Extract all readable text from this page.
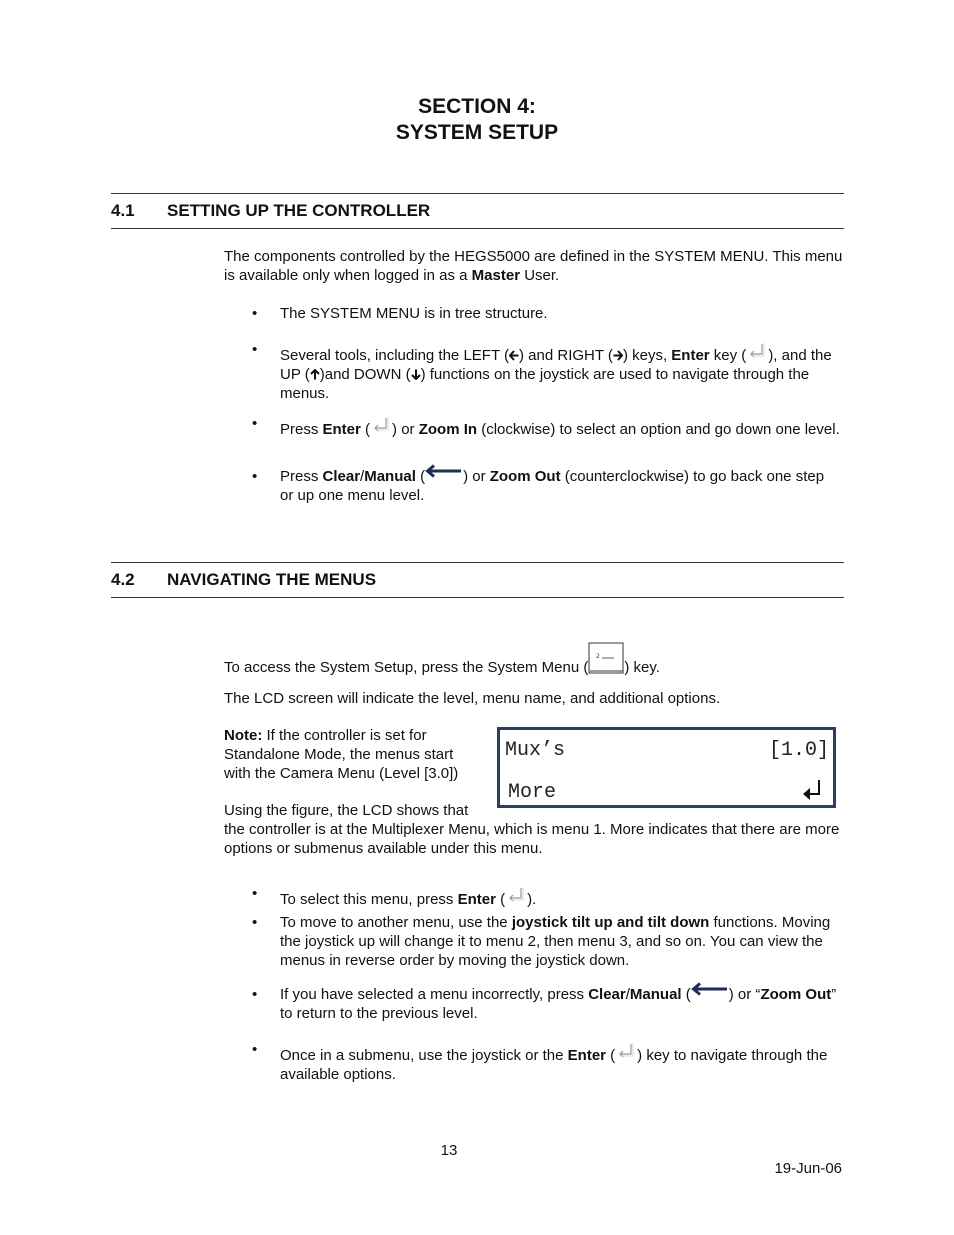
SECTION 4:
SYSTEM SETUP
4.1 SETTING UP THE CONTROLLER
The components controlled by the HEGS5000 are defined in the SYSTEM MENU. This menu is available only when logged in as a Master User.
• The SYSTEM MENU is in tree structure.
• Several tools, including the LEFT ( ) and RIGHT ( ) keys, Enter key ( ), and the UP ( )and DOWN ( ) functions on the joystick are used to navigate through the menus.
• Press Enter ( ) or Zoom In (clockwise) to select an option and go down one level.
• Press Clear/Manual (	) or Zoom Out (counterclockwise) to go back one step or up one menu level.
4.2 NAVIGATING THE MENUS
To access the System Setup, press the System Menu (
2
) key.
The LCD screen will indicate the level, menu name, and additional options.
Note: If the controller is set for Standalone Mode, the menus start with the Camera Menu (Level [3.0])
Mux’s	[1.0]
More
Using the figure, the LCD shows that
the controller is at the Multiplexer Menu, which is menu 1. More indicates that there are more options or submenus available under this menu.
• To select this menu, press Enter ( ).
• To move to another menu, use the joystick tilt up and tilt down functions. Moving the joystick up will change it to menu 2, then menu 3, and so on. You can view the menus in reverse order by moving the joystick down.
• If you have selected a menu incorrectly, press Clear/Manual (	) or “Zoom Out” to return to the previous level.
• Once in a submenu, use the joystick or the Enter ( ) key to navigate through the available options.
13
19-Jun-06
